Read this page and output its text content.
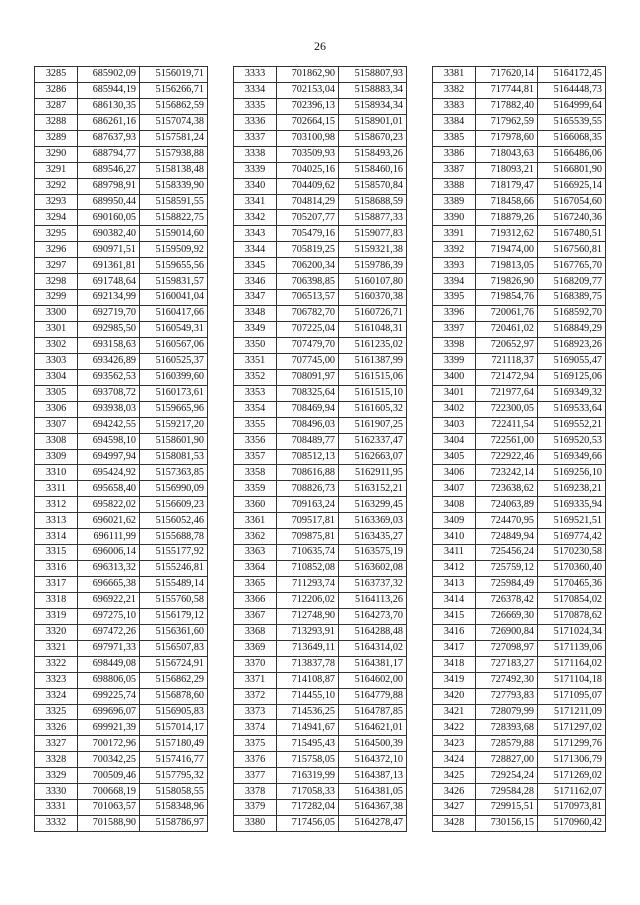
26
3285	685902,09	5156019,71
3286	685944,19	5156266,71
3287	686130,35	5156862,59
3288	686261,16	5157074,38
3289	687637,93	5157581,24
3290	688794,77	5157938,88
3291	689546,27	5158138,48
3292	689798,91	5158339,90
3293	689950,44	5158591,55
3294	690160,05	5158822,75
3295	690382,40	5159014,60
3296	690971,51	5159509,92
3297	691361,81	5159655,56
3298	691748,64	5159831,57
3299	692134,99	5160041,04
3300	692719,70	5160417,66
3301	692985,50	5160549,31
3302	693158,63	5160567,06
3303	693426,89	5160525,37
3304	693562,53	5160399,60
3305	693708,72	5160173,61
3306	693938,03	5159665,96
3307	694242,55	5159217,20
3308	694598,10	5158601,90
3309	694997,94	5158081,53
3310	695424,92	5157363,85
3311	695658,40	5156990,09
3312	695822,02	5156609,23
3313	696021,62	5156052,46
3314	696111,99	5155688,78
3315	696006,14	5155177,92
3316	696313,32	5155246,81
3317	696665,38	5155489,14
3318	696922,21	5155760,58
3319	697275,10	5156179,12
3320	697472,26	5156361,60
3321	697971,33	5156507,83
3322	698449,08	5156724,91
3323	698806,05	5156862,29
3324	699225,74	5156878,60
3325	699696,07	5156905,83
3326	699921,39	5157014,17
3327	700172,96	5157180,49
3328	700342,25	5157416,77
3329	700509,46	5157795,32
3330	700668,19	5158058,55
3331	701063,57	5158348,96
3332	701588,90	5158786,97
3333	701862,90	5158807,93
3334	702153,04	5158883,34
3335	702396,13	5158934,34
3336	702664,15	5158901,01
3337	703100,98	5158670,23
3338	703509,93	5158493,26
3339	704025,16	5158460,16
3340	704409,62	5158570,84
3341	704814,29	5158688,59
3342	705207,77	5158877,33
3343	705479,16	5159077,83
3344	705819,25	5159321,38
3345	706200,34	5159786,39
3346	706398,85	5160107,80
3347	706513,57	5160370,38
3348	706782,70	5160726,71
3349	707225,04	5161048,31
3350	707479,70	5161235,02
3351	707745,00	5161387,99
3352	708091,97	5161515,06
3353	708325,64	5161515,10
3354	708469,94	5161605,32
3355	708496,03	5161907,25
3356	708489,77	5162337,47
3357	708512,13	5162663,07
3358	708616,88	5162911,95
3359	708826,73	5163152,21
3360	709163,24	5163299,45
3361	709517,81	5163369,03
3362	709875,81	5163435,27
3363	710635,74	5163575,19
3364	710852,08	5163602,08
3365	711293,74	5163737,32
3366	712206,02	5164113,26
3367	712748,90	5164273,70
3368	713293,91	5164288,48
3369	713649,11	5164314,02
3370	713837,78	5164381,17
3371	714108,87	5164602,00
3372	714455,10	5164779,88
3373	714536,25	5164787,85
3374	714941,67	5164621,01
3375	715495,43	5164500,39
3376	715758,05	5164372,10
3377	716319,99	5164387,13
3378	717058,33	5164381,05
3379	717282,04	5164367,38
3380	717456,05	5164278,47
3381	717620,14	5164172,45
3382	717744,81	5164448,73
3383	717882,40	5164999,64
3384	717962,59	5165539,55
3385	717978,60	5166068,35
3386	718043,63	5166486,06
3387	718093,21	5166801,90
3388	718179,47	5166925,14
3389	718458,66	5167054,60
3390	718879,26	5167240,36
3391	719312,62	5167480,51
3392	719474,00	5167560,81
3393	719813,05	5167765,70
3394	719826,90	5168209,77
3395	719854,76	5168389,75
3396	720061,76	5168592,70
3397	720461,02	5168849,29
3398	720652,97	5168923,26
3399	721118,37	5169055,47
3400	721472,94	5169125,06
3401	721977,64	5169349,32
3402	722300,05	5169533,64
3403	722411,54	5169552,21
3404	722561,00	5169520,53
3405	722922,46	5169349,66
3406	723242,14	5169256,10
3407	723638,62	5169238,21
3408	724063,89	5169335,94
3409	724470,95	5169521,51
3410	724849,94	5169774,42
3411	725456,24	5170230,58
3412	725759,12	5170360,40
3413	725984,49	5170465,36
3414	726378,42	5170854,02
3415	726669,30	5170878,62
3416	726900,84	5171024,34
3417	727098,97	5171139,06
3418	727183,27	5171164,02
3419	727492,30	5171104,18
3420	727793,83	5171095,07
3421	728079,99	5171211,09
3422	728393,68	5171297,02
3423	728579,88	5171299,76
3424	728827,00	5171306,79
3425	729254,24	5171269,02
3426	729584,28	5171162,07
3427	729915,51	5170973,81
3428	730156,15	5170960,42
